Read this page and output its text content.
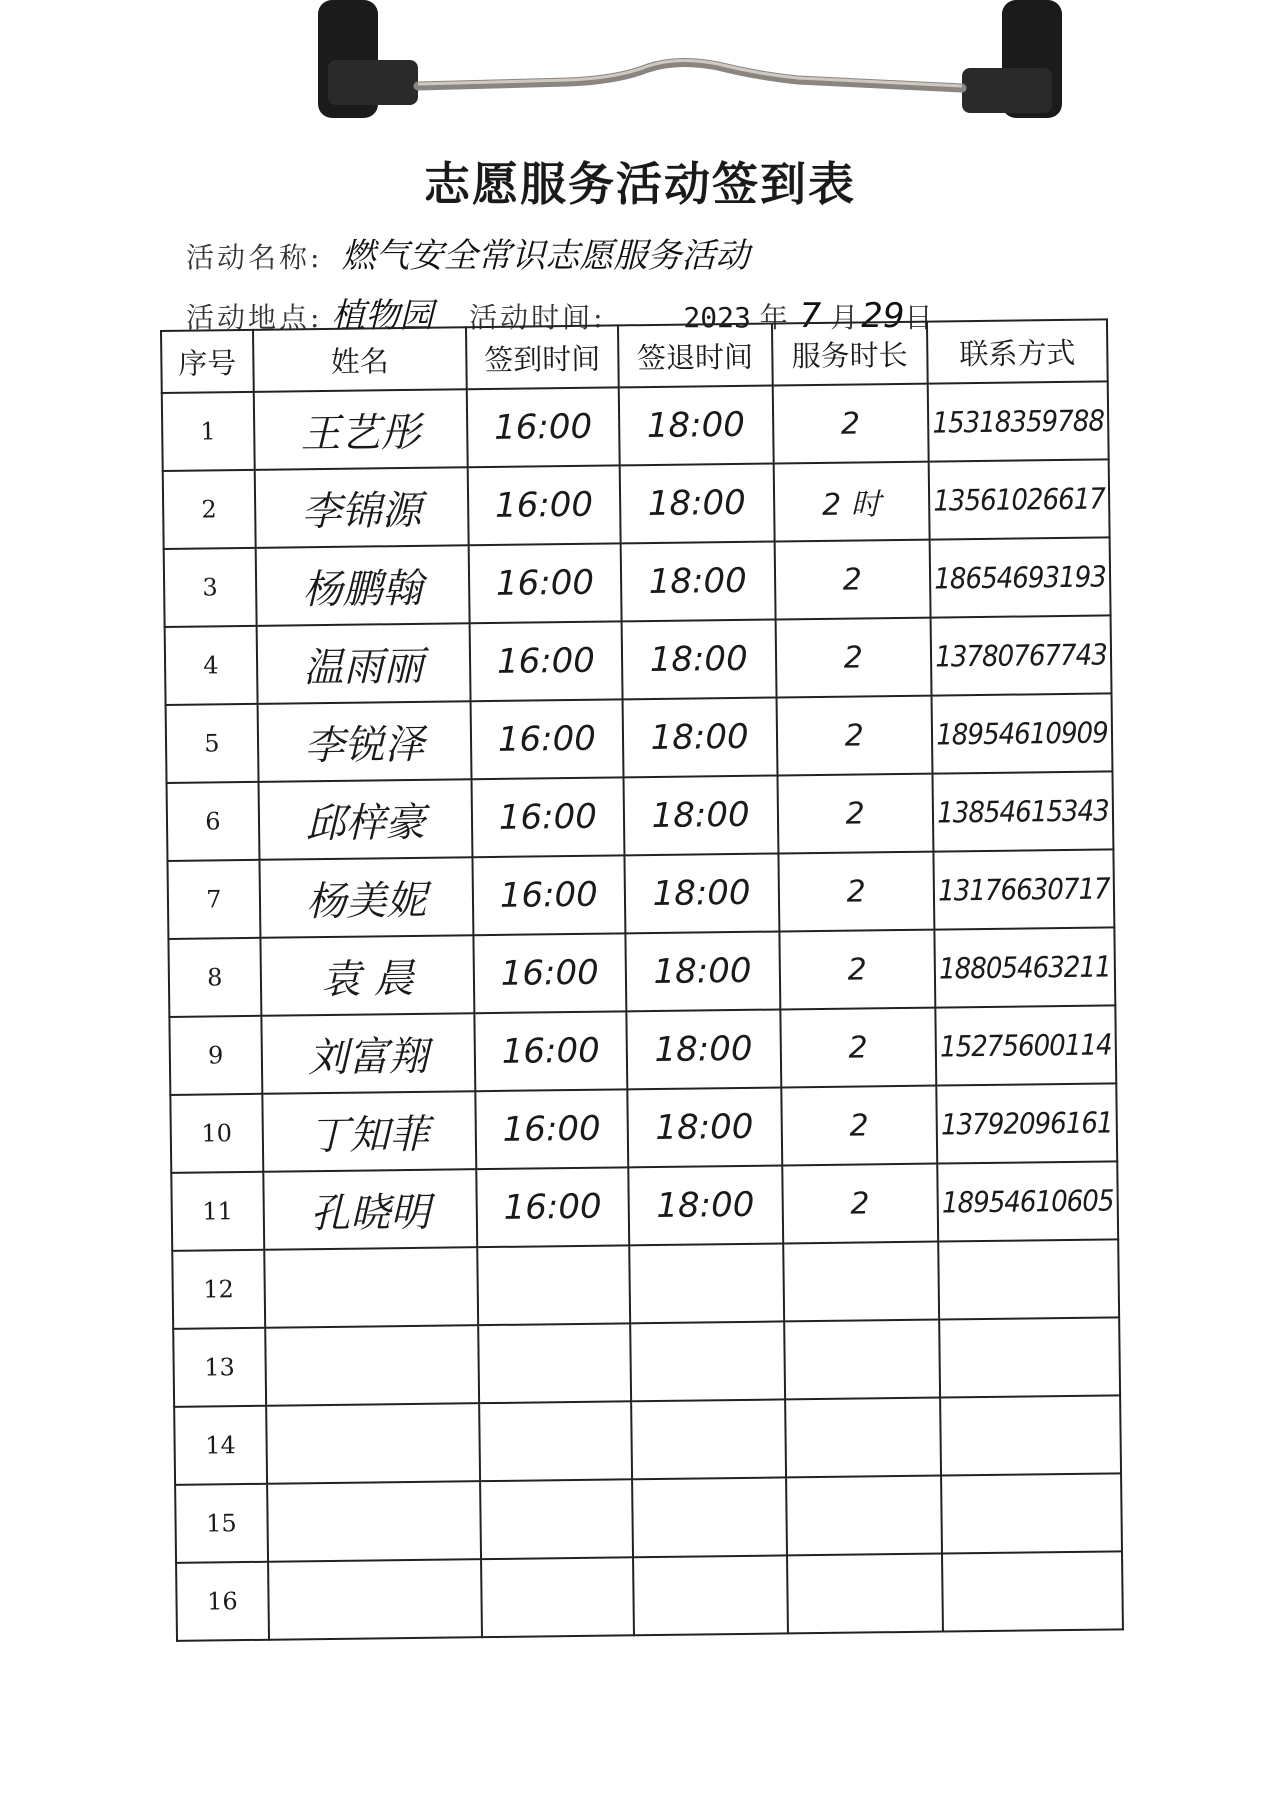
志愿服务活动签到表
活动名称: 燃气安全常识志愿服务活动
活动地点: 植物园 活动时间:	2023 年 7 月29日
序号	姓名	签到时间	签退时间	服务时长	联系方式
1	王艺彤	16:00	18:00	2	15318359788
2	李锦源	16:00	18:00	2 时	13561026617
3	杨鹏翰	16:00	18:00	2	18654693193
4	温雨丽	16:00	18:00	2	13780767743
5	李锐泽	16:00	18:00	2	18954610909
6	邱梓豪	16:00	18:00	2	13854615343
7	杨美妮	16:00	18:00	2	13176630717
8	袁 晨	16:00	18:00	2	18805463211
9	刘富翔	16:00	18:00	2	15275600114
10	丁知菲	16:00	18:00	2	13792096161
11	孔晓明	16:00	18:00	2	18954610605
12					
13					
14					
15					
16					
